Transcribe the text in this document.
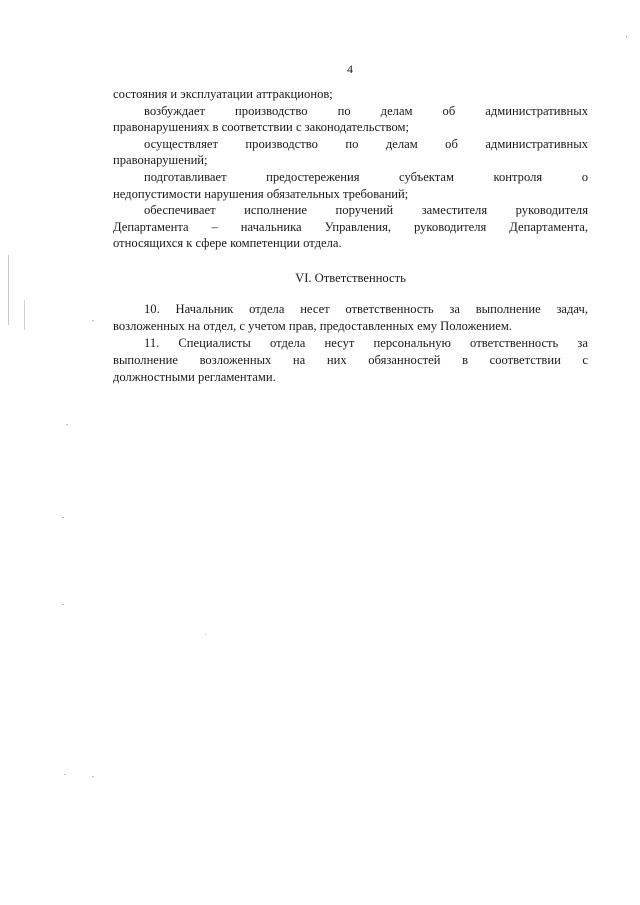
4
состояния и эксплуатации аттракционов;
возбуждает производство по делам об административных
правонарушениях в соответствии с законодательством;
осуществляет производство по делам об административных
правонарушений;
подготавливает предостережения субъектам контроля о
недопустимости нарушения обязательных требований;
обеспечивает исполнение поручений заместителя руководителя
Департамента – начальника Управления, руководителя Департамента,
относящихся к сфере компетенции отдела.
VI. Ответственность
10. Начальник отдела несет ответственность за выполнение задач,
возложенных на отдел, с учетом прав, предоставленных ему Положением.
11. Специалисты отдела несут персональную ответственность за
выполнение возложенных на них обязанностей в соответствии с
должностными регламентами.
